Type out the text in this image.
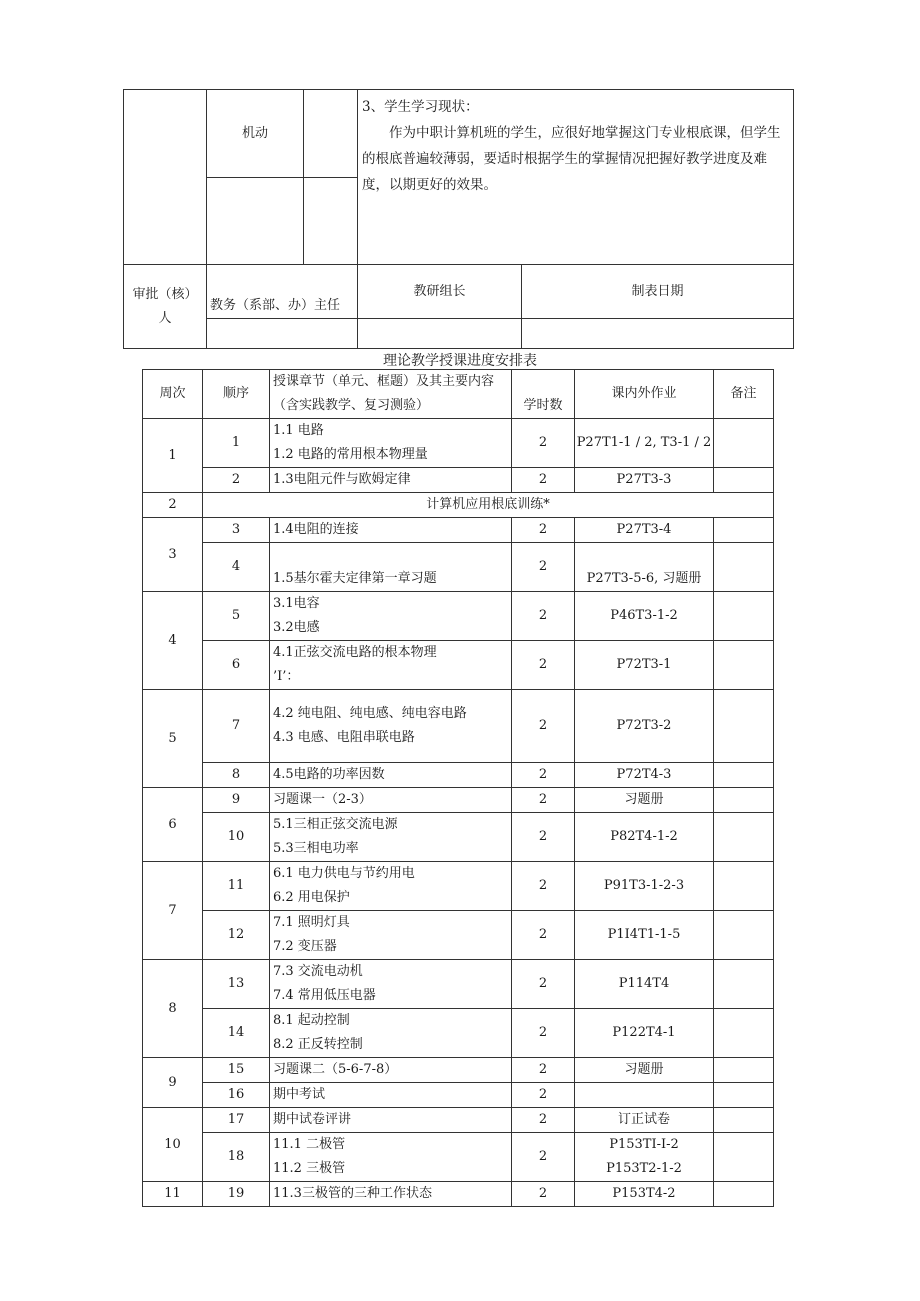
	机动		3、学生学习现状：

作为中职计算机班的学生，应很好地掌握这门专业根底课，但学生的根底普遍较薄弱，要适时根据学生的掌握情况把握好教学进度及难度，以期更好的效果。	

审批（核）人	教务（系部、办）主任		教研组长	制表日期

理论教学授课进度安排表
周次	顺序	授课章节（单元、框题）及其主要内容
（含实践教学、复习测验）	学时数	课内外作业	备注
1	1	1.1 电路
1.2 电路的常用根本物理量	2	P27T1-1 / 2, T3-1 / 2	
	2	1.3电阻元件与欧姆定律	2	P27T3-3	
2	计算机应用根底训练*				
3	3	1.4电阻的连接	2	P27T3-4	
	4	1.5基尔霍夫定律第一章习题	2	P27T3-5-6, 习题册	
4	5	3.1电容
3.2电感	2	P46T3-1-2	
	6	4.1正弦交流电路的根本物理
’I’：	2	P72T3-1	
5	7	4.2 纯电阻、纯电感、纯电容电路
4.3 电感、电阻串联电路	2	P72T3-2	
	8	4.5电路的功率因数	2	P72T4-3	
6	9	习题课一（2-3）	2	习题册	
	10	5.1三相正弦交流电源
5.3三相电功率	2	P82T4-1-2	
7	11	6.1 电力供电与节约用电
6.2 用电保护	2	P91T3-1-2-3	
	12	7.1 照明灯具
7.2 变压器	2	P1I4T1-1-5	
8	13	7.3 交流电动机
7.4 常用低压电器	2	P114T4	
	14	8.1 起动控制
8.2 正反转控制	2	P122T4-1	
9	15	习题课二（5-6-7-8）	2	习题册	
	16	期中考试	2		
10	17	期中试卷评讲	2	订正试卷	
	18	11.1 二极管
11.2 三极管	2	P153TI-I-2
P153T2-1-2	

11	19	11.3三极管的三种工作状态	2	P153T4-2	
